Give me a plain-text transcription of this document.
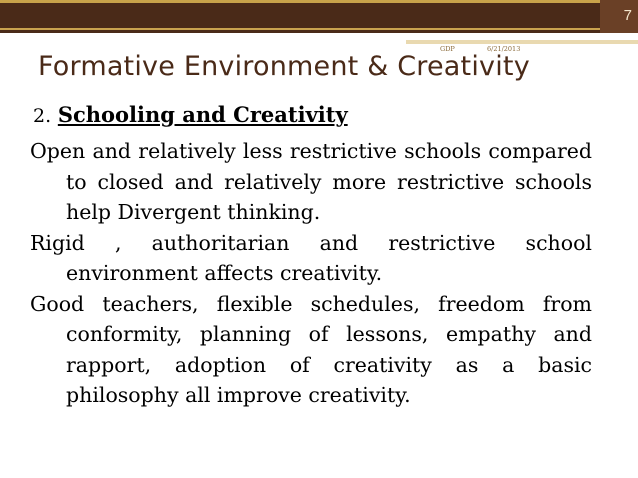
7
GDP	6/21/2013
Formative Environment & Creativity
2. Schooling and Creativity

Open and relatively less restrictive schools compared to closed and relatively more restrictive schools help Divergent thinking.

Rigid , authoritarian and restrictive school environment affects creativity.

Good teachers, flexible schedules, freedom from conformity, planning of lessons, empathy and rapport, adoption of creativity as a basic philosophy all improve creativity.
